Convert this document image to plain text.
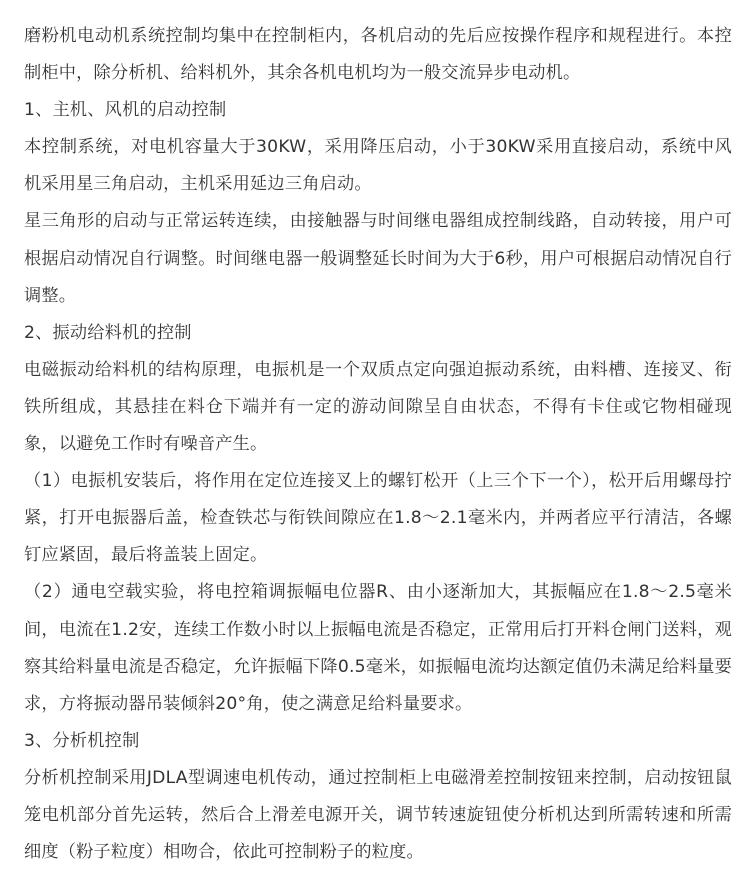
磨粉机电动机系统控制均集中在控制柜内，各机启动的先后应按操作程序和规程进行。本控制柜中，除分析机、给料机外，其余各机电机均为一般交流异步电动机。

1、主机、风机的启动控制

本控制系统，对电机容量大于30KW，采用降压启动，小于30KW采用直接启动，系统中风机采用星三角启动，主机采用延边三角启动。

星三角形的启动与正常运转连续，由接触器与时间继电器组成控制线路，自动转接，用户可根据启动情况自行调整。时间继电器一般调整延长时间为大于6秒，用户可根据启动情况自行调整。

2、振动给料机的控制

电磁振动给料机的结构原理，电振机是一个双质点定向强迫振动系统，由料槽、连接叉、衔铁所组成，其悬挂在料仓下端并有一定的游动间隙呈自由状态，不得有卡住或它物相碰现象，以避免工作时有噪音产生。

（1）电振机安装后，将作用在定位连接叉上的螺钉松开（上三个下一个），松开后用螺母拧紧，打开电振器后盖，检查铁芯与衔铁间隙应在1.8～2.1毫米内，并两者应平行清洁，各螺钉应紧固，最后将盖装上固定。

（2）通电空载实验，将电控箱调振幅电位器R、由小逐渐加大，其振幅应在1.8～2.5毫米间，电流在1.2安，连续工作数小时以上振幅电流是否稳定，正常用后打开料仓闸门送料，观察其给料量电流是否稳定，允许振幅下降0.5毫米，如振幅电流均达额定值仍未满足给料量要求，方将振动器吊装倾斜20°角，使之满意足给料量要求。

3、分析机控制

分析机控制采用JDLA型调速电机传动，通过控制柜上电磁滑差控制按钮来控制，启动按钮鼠笼电机部分首先运转，然后合上滑差电源开关，调节转速旋钮使分析机达到所需转速和所需细度（粉子粒度）相吻合，依此可控制粉子的粒度。
